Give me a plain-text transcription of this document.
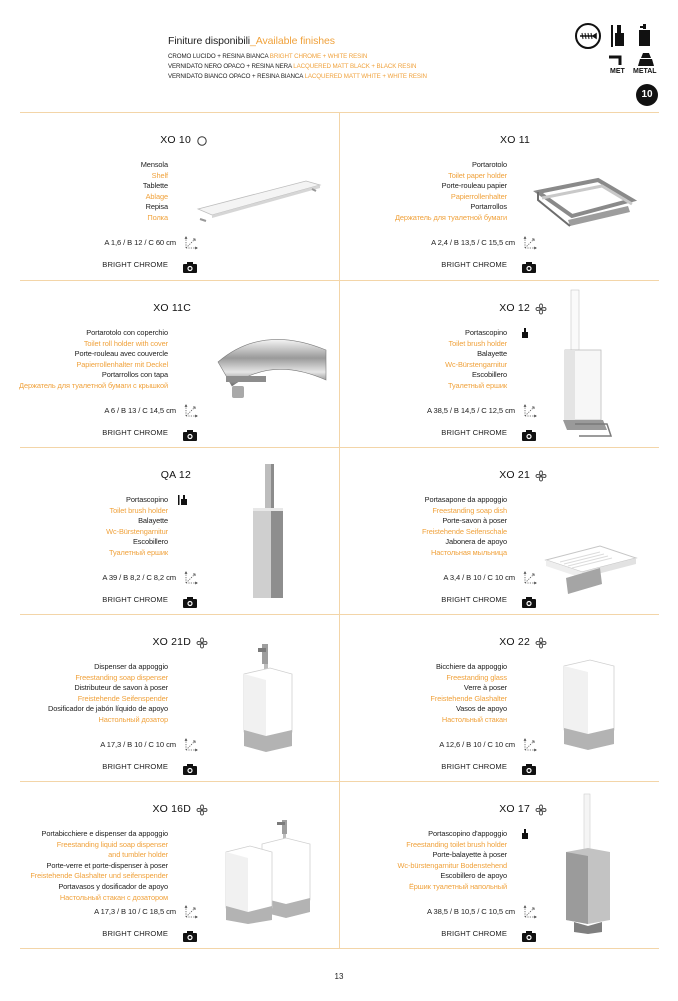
Finiture disponibili_Available finishes
CROMO LUCIDO + RESINA BIANCA BRIGHT CHROME + WHITE RESIN
VERNIDATO NERO OPACO + RESINA NERA LACQUERED MATT BLACK + BLACK RESIN
VERNIDATO BIANCO OPACO + RESINA BIANCA LACQUERED MATT WHITE + WHITE RESIN
MET METAL
10
XO 10
Mensola
Shelf
Tablette
Ablage
Repisa
Полка
A 1,6 / B 12 / C 60 cm
BRIGHT CHROME
XO 11
Portarotolo
Toilet paper holder
Porte-rouleau papier
Papierrollenhalter
Portarrollos
Держатель для туалетной бумаги
A 2,4 / B 13,5 / C 15,5 cm
BRIGHT CHROME
XO 11C
Portarotolo con coperchio
Toilet roll holder with cover
Porte-rouleau avec couvercle
Papierrollenhalter mit Deckel
Portarrollos con tapa
Держатель для туалетной бумаги с крышкой
A 6 / B 13 / C 14,5 cm
BRIGHT CHROME
XO 12
Portascopino
Toilet brush holder
Balayette
Wc-Bürstengarnitur
Escobillero
Туалетный ершик
A 38,5 / B 14,5 / C 12,5 cm
BRIGHT CHROME
QA 12
Portascopino
Toilet brush holder
Balayette
Wc-Bürstengarnitur
Escobillero
Туалетный ершик
A 39 / B 8,2 / C 8,2 cm
BRIGHT CHROME
XO 21
Portasapone da appoggio
Freestanding soap dish
Porte-savon à poser
Freistehende Seifenschale
Jabonera de apoyo
Настольная мыльница
A 3,4 / B 10 / C 10 cm
BRIGHT CHROME
XO 21D
Dispenser da appoggio
Freestanding soap dispenser
Distributeur de savon à poser
Freistehende Seifenspender
Dosificador de jabón líquido de apoyo
Настольный дозатор
A 17,3 / B 10 / C 10 cm
BRIGHT CHROME
XO 22
Bicchiere da appoggio
Freestanding glass
Verre à poser
Freistehende Glashalter
Vasos de apoyo
Настольный стакан
A 12,6 / B 10 / C 10 cm
BRIGHT CHROME
XO 16D
Portabicchiere e dispenser da appoggio
Freestanding liquid soap dispenser
and tumbler holder
Porte-verre et porte-dispenser à poser
Freistehende Glashalter und seifenspender
Portavasos y dosificador de apoyo
Настольный стакан с дозатором
A 17,3 / B 10 / C 18,5 cm
BRIGHT CHROME
XO 17
Portascopino d'appoggio
Freestanding toilet brush holder
Porte-balayette à poser
Wc-bürstengarnitur Bodenstehend
Escobillero de apoyo
Ёршик туалетный напольный
A 38,5 / B 10,5 / C 10,5 cm
BRIGHT CHROME
13
